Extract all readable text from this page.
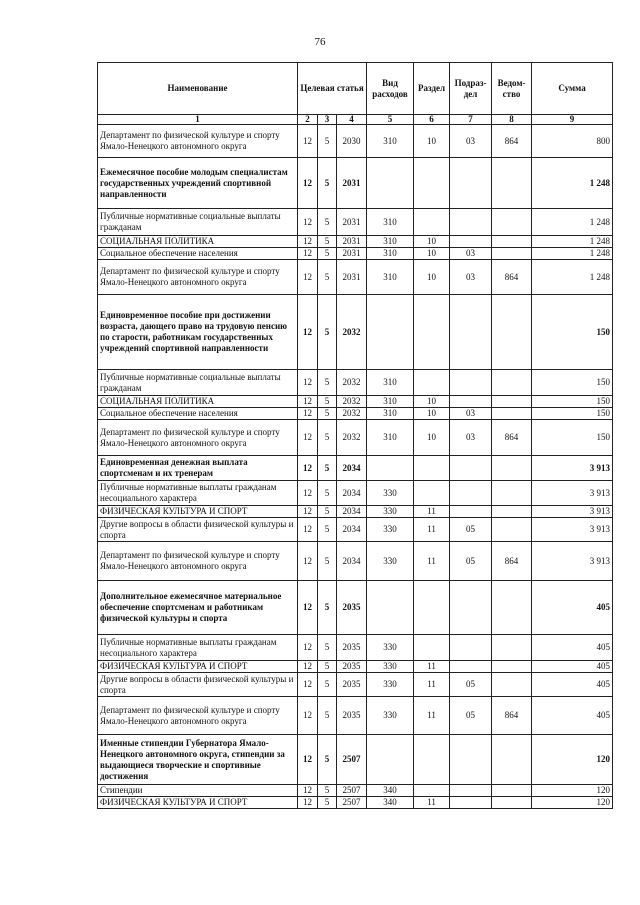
76
Наименование	Целевая статья			Вид расходов	Раздел	Подраз-дел	Ведом-ство	Сумма
1	2	3	4	5	6	7	8	9
Департамент по физической культуре и спорту Ямало-Ненецкого автономного округа	12	5	2030	310	10	03	864	800
Ежемесячное пособие молодым специалистам государственных учреждений спортивной направленности	12	5	2031					1 248
Публичные нормативные социальные выплаты гражданам	12	5	2031	310				1 248
СОЦИАЛЬНАЯ ПОЛИТИКА	12	5	2031	310	10			1 248
Социальное обеспечение населения	12	5	2031	310	10	03		1 248
Департамент по физической культуре и спорту Ямало-Ненецкого автономного округа	12	5	2031	310	10	03	864	1 248
Единовременное пособие при достижении возраста, дающего право на трудовую пенсию по старости, работникам государственных учреждений спортивной направленности	12	5	2032					150
Публичные нормативные социальные выплаты гражданам	12	5	2032	310				150
СОЦИАЛЬНАЯ ПОЛИТИКА	12	5	2032	310	10			150
Социальное обеспечение населения	12	5	2032	310	10	03		150
Департамент по физической культуре и спорту Ямало-Ненецкого автономного округа	12	5	2032	310	10	03	864	150
Единовременная денежная выплата спортсменам и их тренерам	12	5	2034					3 913
Публичные нормативные выплаты гражданам несоциального характера	12	5	2034	330				3 913
ФИЗИЧЕСКАЯ КУЛЬТУРА И СПОРТ	12	5	2034	330	11			3 913
Другие вопросы в области физической культуры и спорта	12	5	2034	330	11	05		3 913
Департамент по физической культуре и спорту Ямало-Ненецкого автономного округа	12	5	2034	330	11	05	864	3 913
Дополнительное ежемесячное материальное обеспечение спортсменам и работникам физической культуры и спорта	12	5	2035					405
Публичные нормативные выплаты гражданам несоциального характера	12	5	2035	330				405
ФИЗИЧЕСКАЯ КУЛЬТУРА И СПОРТ	12	5	2035	330	11			405
Другие вопросы в области физической культуры и спорта	12	5	2035	330	11	05		405
Департамент по физической культуре и спорту Ямало-Ненецкого автономного округа	12	5	2035	330	11	05	864	405
Именные стипендии Губернатора Ямало-Ненецкого автономного округа, стипендии за выдающиеся творческие и спортивные достижения	12	5	2507					120
Стипендии	12	5	2507	340				120
ФИЗИЧЕСКАЯ КУЛЬТУРА И СПОРТ	12	5	2507	340	11			120
